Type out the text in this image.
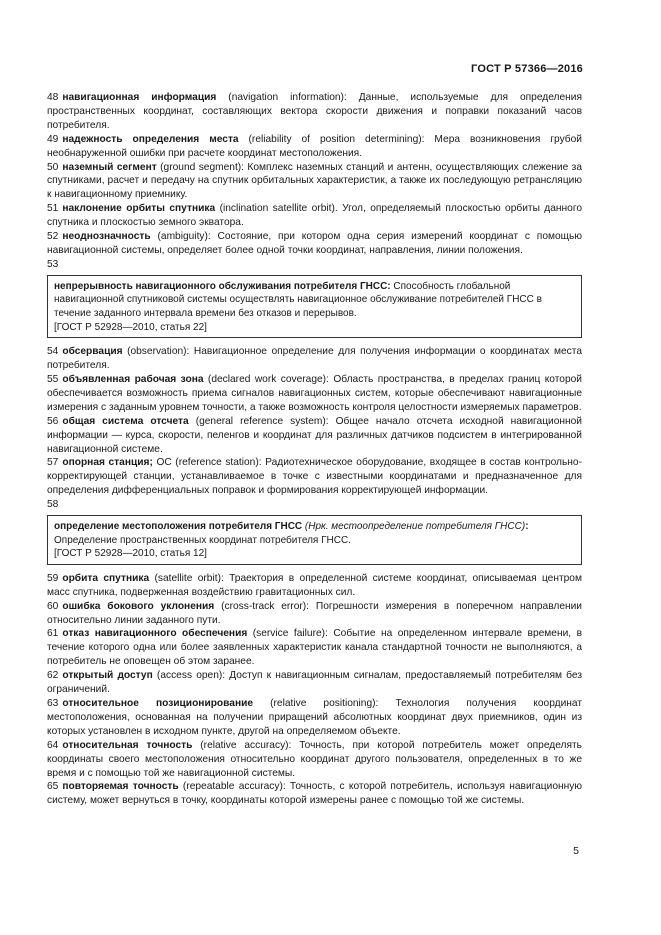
ГОСТ Р 57366—2016
48 навигационная информация (navigation information): Данные, используемые для определения пространственных координат, составляющих вектора скорости движения и поправки показаний часов потребителя.
49 надежность определения места (reliability of position determining): Мера возникновения грубой необнаруженной ошибки при расчете координат местоположения.
50 наземный сегмент (ground segment): Комплекс наземных станций и антенн, осуществляющих слежение за спутниками, расчет и передачу на спутник орбитальных характеристик, а также их последующую ретрансляцию к навигационному приемнику.
51 наклонение орбиты спутника (inclination satellite orbit). Угол, определяемый плоскостью орбиты данного спутника и плоскостью земного экватора.
52 неоднозначность (ambiguity): Состояние, при котором одна серия измерений координат с помощью навигационной системы, определяет более одной точки координат, направления, линии положения.
53
непрерывность навигационного обслуживания потребителя ГНСС: Способность глобальной навигационной спутниковой системы осуществлять навигационное обслуживание потребителей ГНСС в течение заданного интервала времени без отказов и перерывов.
[ГОСТ Р 52928—2010, статья 22]
54 обсервация (observation): Навигационное определение для получения информации о координатах места потребителя.
55 объявленная рабочая зона (declared work coverage): Область пространства, в пределах границ которой обеспечивается возможность приема сигналов навигационных систем, которые обеспечивают навигационные измерения с заданным уровнем точности, а также возможность контроля целостности измеряемых параметров.
56 общая система отсчета (general reference system): Общее начало отсчета исходной навигационной информации — курса, скорости, пеленгов и координат для различных датчиков подсистем в интегрированной навигационной системе.
57 опорная станция; ОС (reference station): Радиотехническое оборудование, входящее в состав контрольно-корректирующей станции, устанавливаемое в точке с известными координатами и предназначенное для определения дифференциальных поправок и формирования корректирующей информации.
58
определение местоположения потребителя ГНСС (Нрк. местоопределение потребителя ГНСС):
Определение пространственных координат потребителя ГНСС.
[ГОСТ Р 52928—2010, статья 12]
59 орбита спутника (satellite orbit): Траектория в определенной системе координат, описываемая центром масс спутника, подверженная воздействию гравитационных сил.
60 ошибка бокового уклонения (cross-track error): Погрешности измерения в поперечном направлении относительно линии заданного пути.
61 отказ навигационного обеспечения (service failure): Событие на определенном интервале времени, в течение которого одна или более заявленных характеристик канала стандартной точности не выполняются, а потребитель не оповещен об этом заранее.
62 открытый доступ (access open): Доступ к навигационным сигналам, предоставляемый потребителям без ограничений.
63 относительное позиционирование (relative positioning): Технология получения координат местоположения, основанная на получении приращений абсолютных координат двух приемников, один из которых установлен в исходном пункте, другой на определяемом объекте.
64 относительная точность (relative accuracy): Точность, при которой потребитель может определять координаты своего местоположения относительно координат другого пользователя, определенных в то же время и с помощью той же навигационной системы.
65 повторяемая точность (repeatable accuracy): Точность, с которой потребитель, используя навигационную систему, может вернуться в точку, координаты которой измерены ранее с помощью той же системы.
5
